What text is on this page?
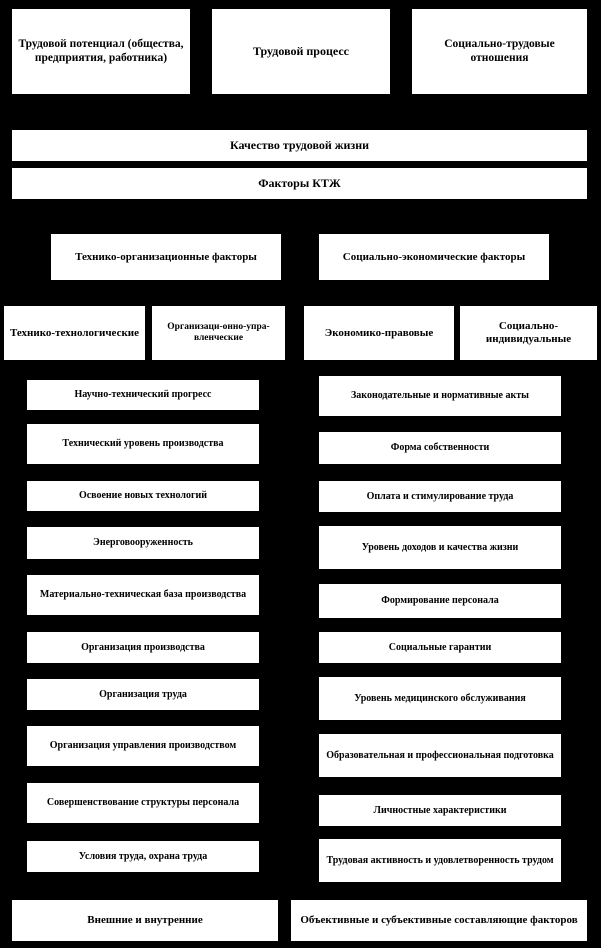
Трудовой потенциал (общества, предприятия, работника)	Трудовой процесс
Социально-трудовые отношения
Качество трудовой жизни
Факторы КТЖ
Технико-организационные факторы	Социально-экономические факторы
Технико-технологические	Организаци-онно-упра-вленческие	Экономико-правовые
Социально-индивидуальные
Научно-технический прогресс
Технический уровень производства
Освоение новых технологий
Энерговооруженность
Материально-техническая база производства
Организация производства
Организация труда
Организация управления производством
Совершенствование структуры персонала
Условия труда, охрана труда
Законодательные и нормативные акты
Форма собственности
Оплата и стимулирование труда
Уровень доходов и качества жизни
Формирование персонала
Социальные гарантии
Уровень медицинского обслуживания
Образовательная и профессиональная подготовка
Личностные характеристики
Трудовая активность и удовлетворенность трудом
Внешние и внутренние	Объективные и субъективные составляющие факторов
